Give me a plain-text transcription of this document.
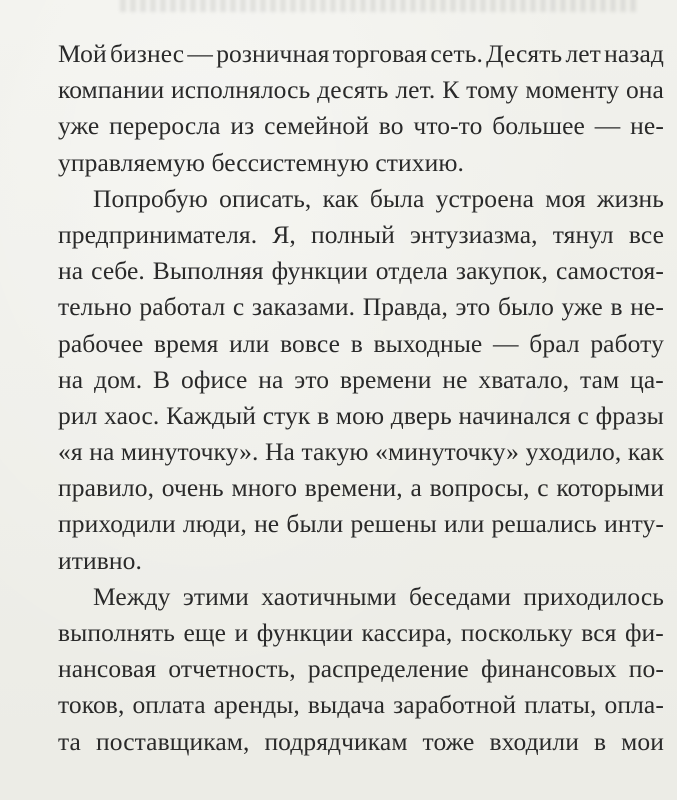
Мой бизнес — розничная торговая сеть. Десять лет назад
компании исполнялось десять лет. К тому моменту она
уже переросла из семейной во что-то большее — не-
управляемую бессистемную стихию.
Попробую описать, как была устроена моя жизнь
предпринимателя. Я, полный энтузиазма, тянул все
на себе. Выполняя функции отдела закупок, самостоя-
тельно работал с заказами. Правда, это было уже в не-
рабочее время или вовсе в выходные — брал работу
на дом. В офисе на это времени не хватало, там ца-
рил хаос. Каждый стук в мою дверь начинался с фразы
«я на минуточку». На такую «минуточку» уходило, как
правило, очень много времени, а вопросы, с которыми
приходили люди, не были решены или решались инту-
итивно.
Между этими хаотичными беседами приходилось
выполнять еще и функции кассира, поскольку вся фи-
нансовая отчетность, распределение финансовых по-
токов, оплата аренды, выдача заработной платы, опла-
та поставщикам, подрядчикам тоже входили в мои
